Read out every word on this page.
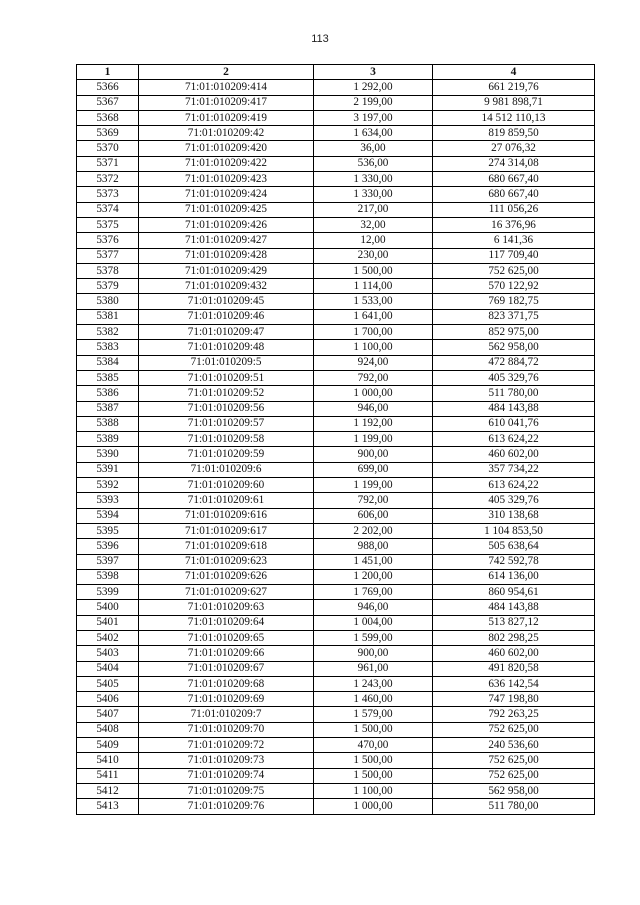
113
1	2	3	4
5366	71:01:010209:414	1 292,00	661 219,76
5367	71:01:010209:417	2 199,00	9 981 898,71
5368	71:01:010209:419	3 197,00	14 512 110,13
5369	71:01:010209:42	1 634,00	819 859,50
5370	71:01:010209:420	36,00	27 076,32
5371	71:01:010209:422	536,00	274 314,08
5372	71:01:010209:423	1 330,00	680 667,40
5373	71:01:010209:424	1 330,00	680 667,40
5374	71:01:010209:425	217,00	111 056,26
5375	71:01:010209:426	32,00	16 376,96
5376	71:01:010209:427	12,00	6 141,36
5377	71:01:010209:428	230,00	117 709,40
5378	71:01:010209:429	1 500,00	752 625,00
5379	71:01:010209:432	1 114,00	570 122,92
5380	71:01:010209:45	1 533,00	769 182,75
5381	71:01:010209:46	1 641,00	823 371,75
5382	71:01:010209:47	1 700,00	852 975,00
5383	71:01:010209:48	1 100,00	562 958,00
5384	71:01:010209:5	924,00	472 884,72
5385	71:01:010209:51	792,00	405 329,76
5386	71:01:010209:52	1 000,00	511 780,00
5387	71:01:010209:56	946,00	484 143,88
5388	71:01:010209:57	1 192,00	610 041,76
5389	71:01:010209:58	1 199,00	613 624,22
5390	71:01:010209:59	900,00	460 602,00
5391	71:01:010209:6	699,00	357 734,22
5392	71:01:010209:60	1 199,00	613 624,22
5393	71:01:010209:61	792,00	405 329,76
5394	71:01:010209:616	606,00	310 138,68
5395	71:01:010209:617	2 202,00	1 104 853,50
5396	71:01:010209:618	988,00	505 638,64
5397	71:01:010209:623	1 451,00	742 592,78
5398	71:01:010209:626	1 200,00	614 136,00
5399	71:01:010209:627	1 769,00	860 954,61
5400	71:01:010209:63	946,00	484 143,88
5401	71:01:010209:64	1 004,00	513 827,12
5402	71:01:010209:65	1 599,00	802 298,25
5403	71:01:010209:66	900,00	460 602,00
5404	71:01:010209:67	961,00	491 820,58
5405	71:01:010209:68	1 243,00	636 142,54
5406	71:01:010209:69	1 460,00	747 198,80
5407	71:01:010209:7	1 579,00	792 263,25
5408	71:01:010209:70	1 500,00	752 625,00
5409	71:01:010209:72	470,00	240 536,60
5410	71:01:010209:73	1 500,00	752 625,00
5411	71:01:010209:74	1 500,00	752 625,00
5412	71:01:010209:75	1 100,00	562 958,00
5413	71:01:010209:76	1 000,00	511 780,00
